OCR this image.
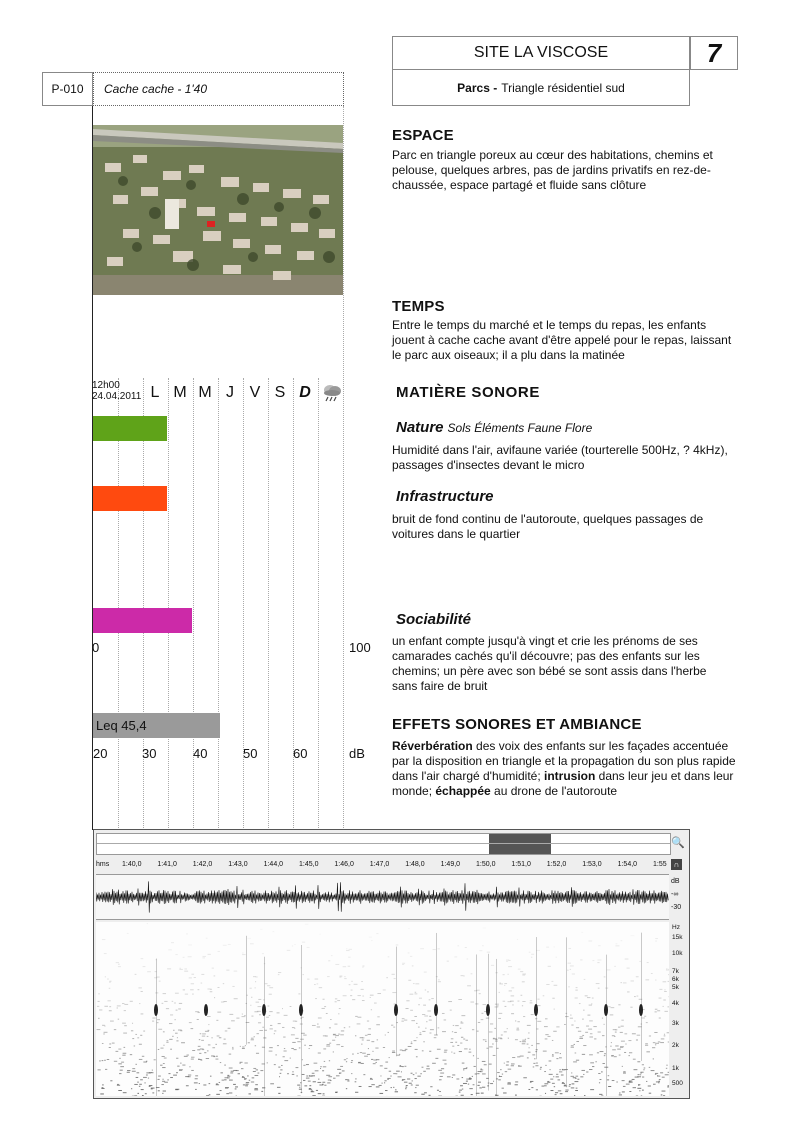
SITE LA VISCOSE	7
Parcs - Triangle résidentiel sud
P-010	Cache cache - 1'40
12h00
24.04.2011 L M M J V S D
0	100
Leq 45,4
20	30	40	50	60	dB
ESPACE
Parc en triangle poreux au cœur des habitations, chemins et pelouse, quelques arbres, pas de jardins privatifs en rez-de-chaussée, espace partagé et fluide sans clôture
TEMPS
Entre le temps du marché et le temps du repas, les enfants jouent à cache cache avant d'être appelé pour le repas, laissant le parc aux oiseaux; il a plu dans la matinée
MATIÈRE SONORE
Nature Sols Éléments Faune Flore
Humidité dans l'air, avifaune variée (tourterelle 500Hz, ? 4kHz), passages d'insectes devant le micro
Infrastructure
bruit de fond continu de l'autoroute, quelques passages de voitures dans le quartier
Sociabilité
un enfant compte jusqu'à vingt et crie les prénoms de ses camarades cachés qu'il découvre; pas des enfants sur les chemins; un père avec son bébé se sont assis dans l'herbe sans faire de bruit
EFFETS SONORES ET AMBIANCE
Réverbération des voix des enfants sur les façades accentuée par la disposition en triangle et la propagation du son plus rapide dans l'air chargé d'humidité; intrusion dans leur jeu et dans leur monde; échappée au drone de l'autoroute
🔍
hms 1:40,0 1:41,0 1:42,0 1:43,0 1:44,0 1:45,0 1:46,0 1:47,0 1:48,0 1:49,0 1:50,0 1:51,0 1:52,0 1:53,0 1:54,0 1:55 ∩
dB
-∞
-30
Hz
15k
10k
7k
6k
5k
4k
3k
2k
1k
500
